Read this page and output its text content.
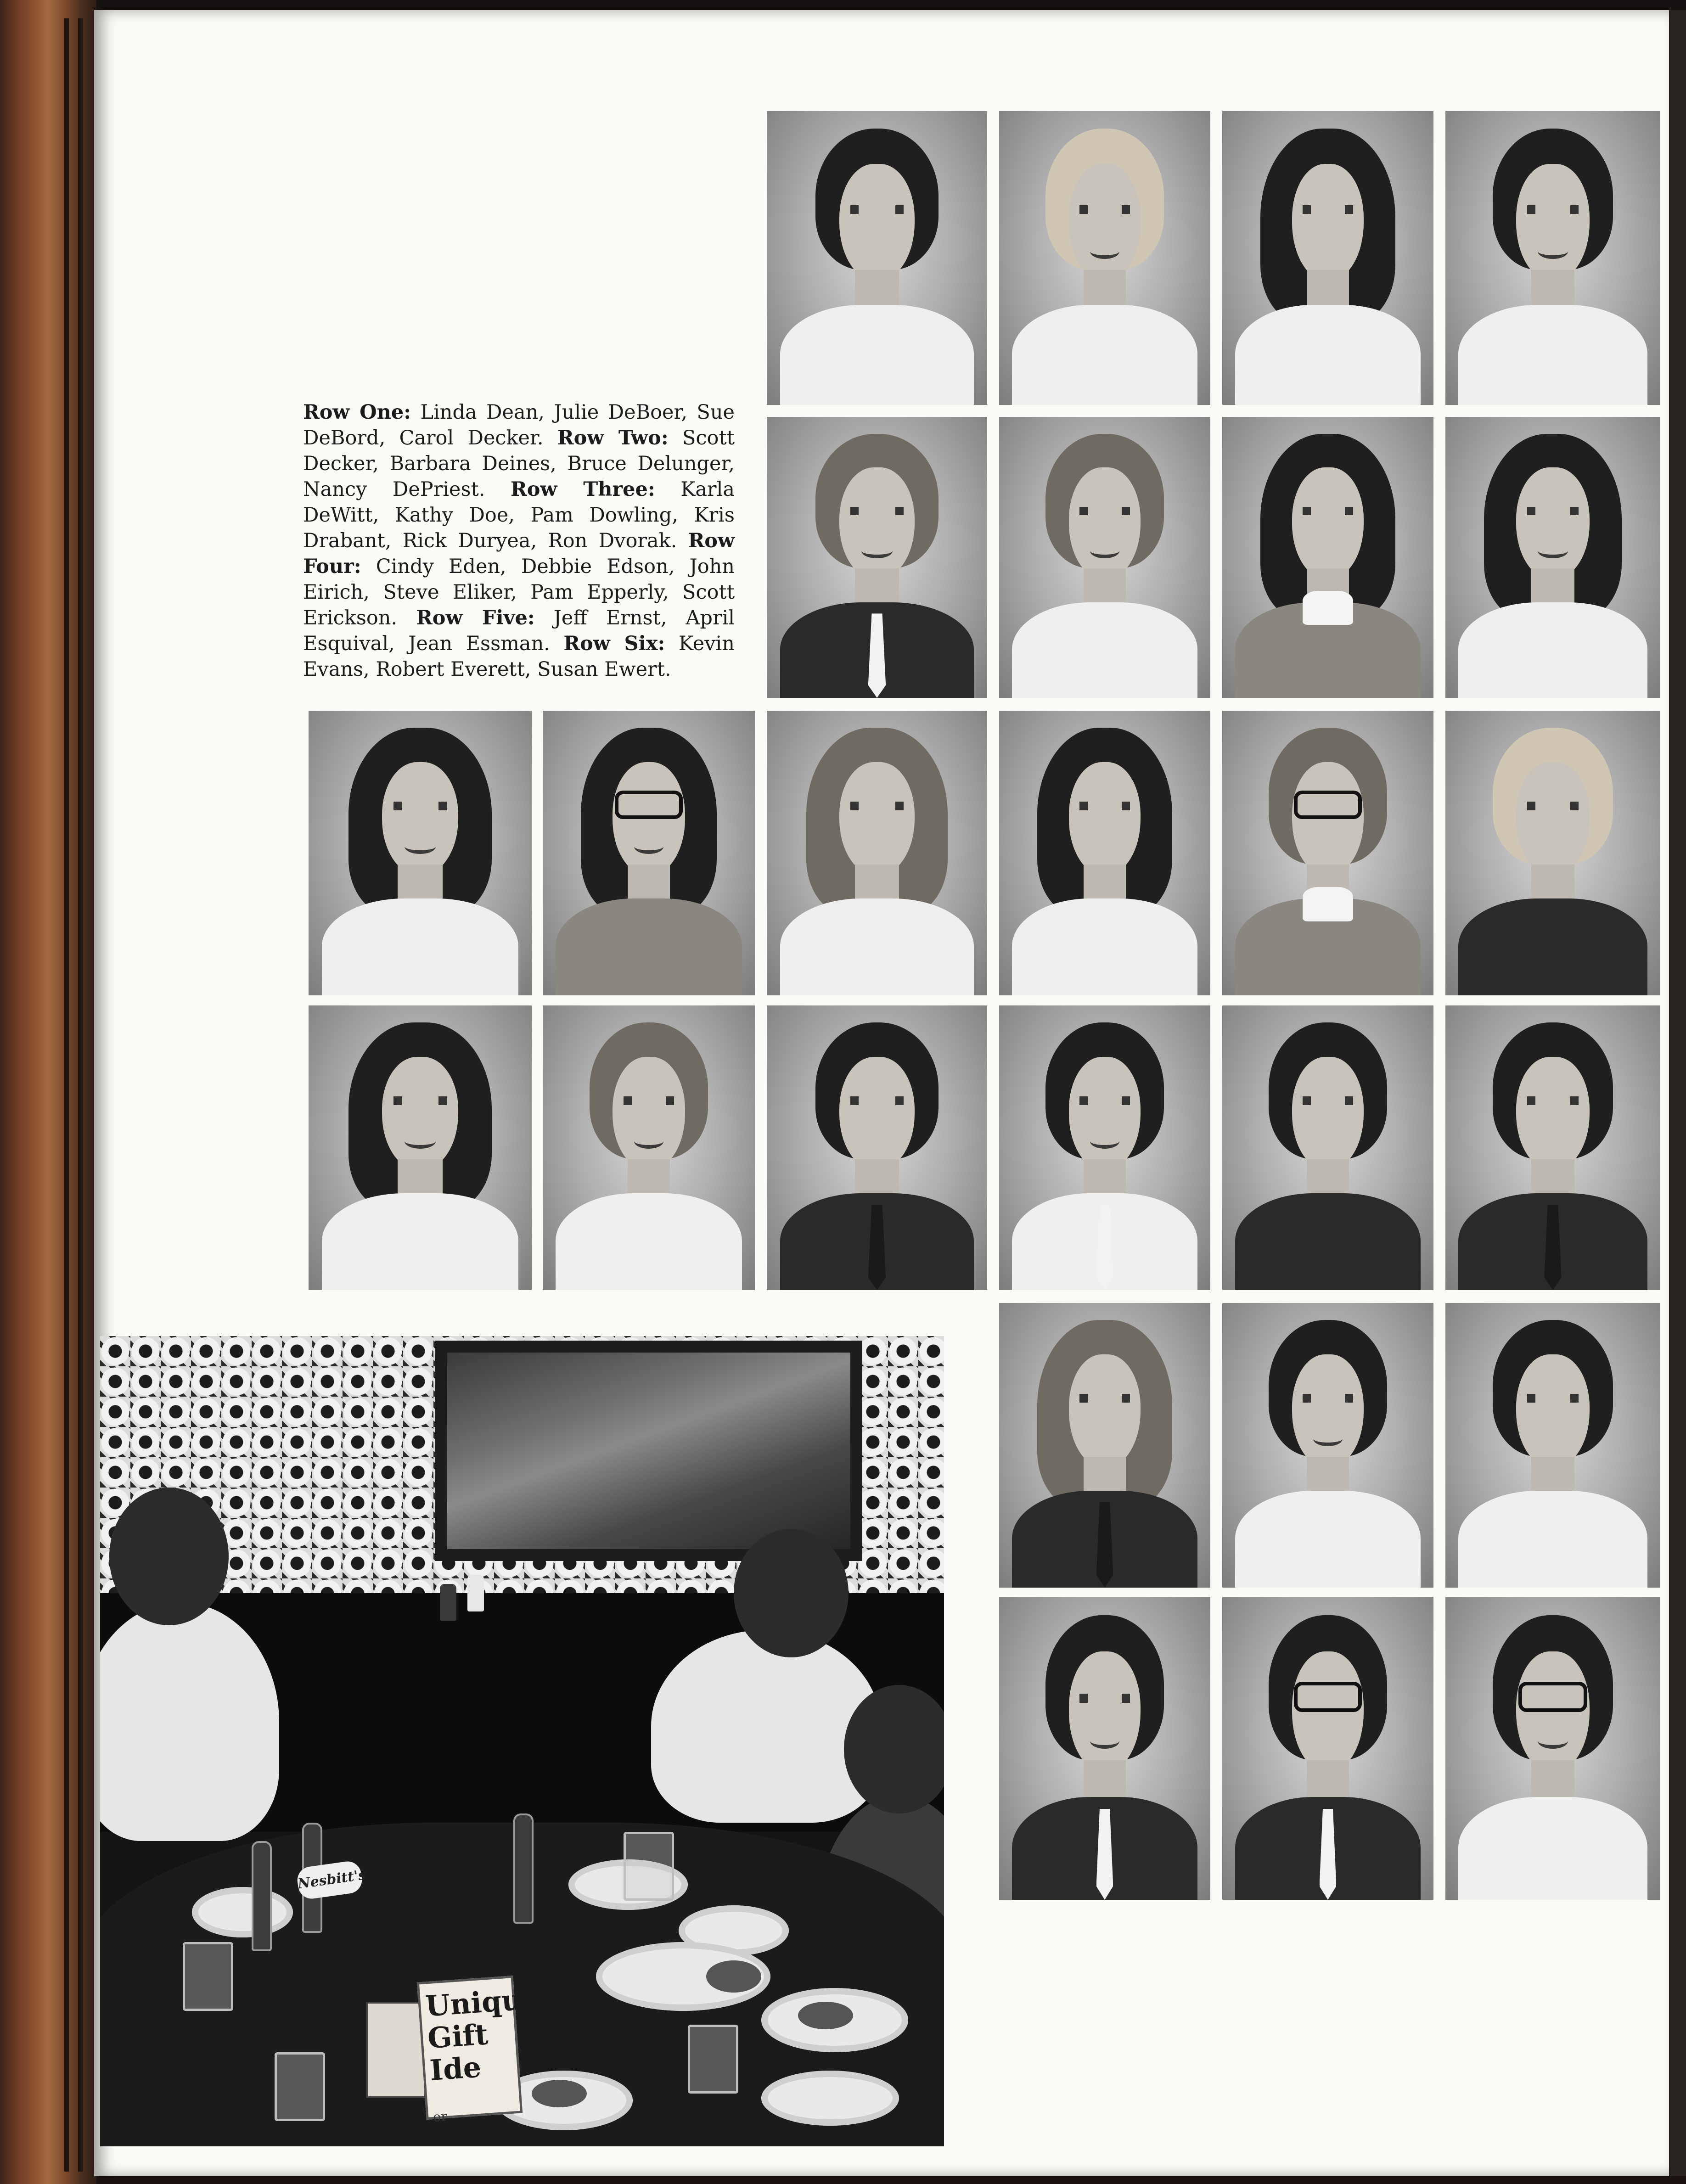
Row One: Linda Dean, Julie DeBoer, Sue DeBord, Carol Decker. Row Two: Scott Decker, Barbara Deines, Bruce Delunger, Nancy DePriest. Row Three: Karla DeWitt, Kathy Doe, Pam Dowling, Kris Drabant, Rick Duryea, Ron Dvorak. Row Four: Cindy Eden, Debbie Edson, John Eirich, Steve Eliker, Pam Epperly, Scott Erickson. Row Five: Jeff Ernst, April Esquival, Jean Essman. Row Six: Kevin Evans, Robert Everett, Susan Ewert.
Nesbitt's
Unique Gift Ide
or
